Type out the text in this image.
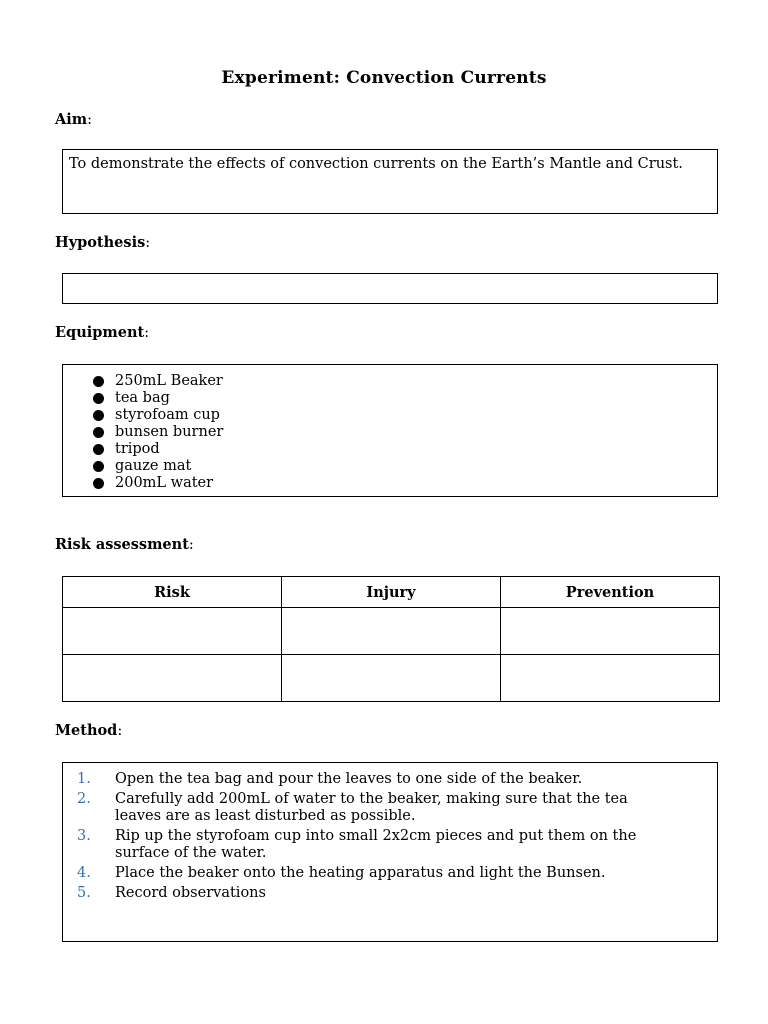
Experiment: Convection Currents
Aim:
To demonstrate the effects of convection currents on the Earth’s Mantle and Crust.
Hypothesis:
Equipment:
250mL Beaker
tea bag
styrofoam cup
bunsen burner
tripod
gauze mat
200mL water
Risk assessment:
Risk	Injury	Prevention

Method:
1.	Open the tea bag and pour the leaves to one side of the beaker.
2.	Carefully add 200mL of water to the beaker, making sure that the tea leaves are as least disturbed as possible.
3.	Rip up the styrofoam cup into small 2x2cm pieces and put them on the surface of the water.
4.	Place the beaker onto the heating apparatus and light the Bunsen.
5.	Record observations
